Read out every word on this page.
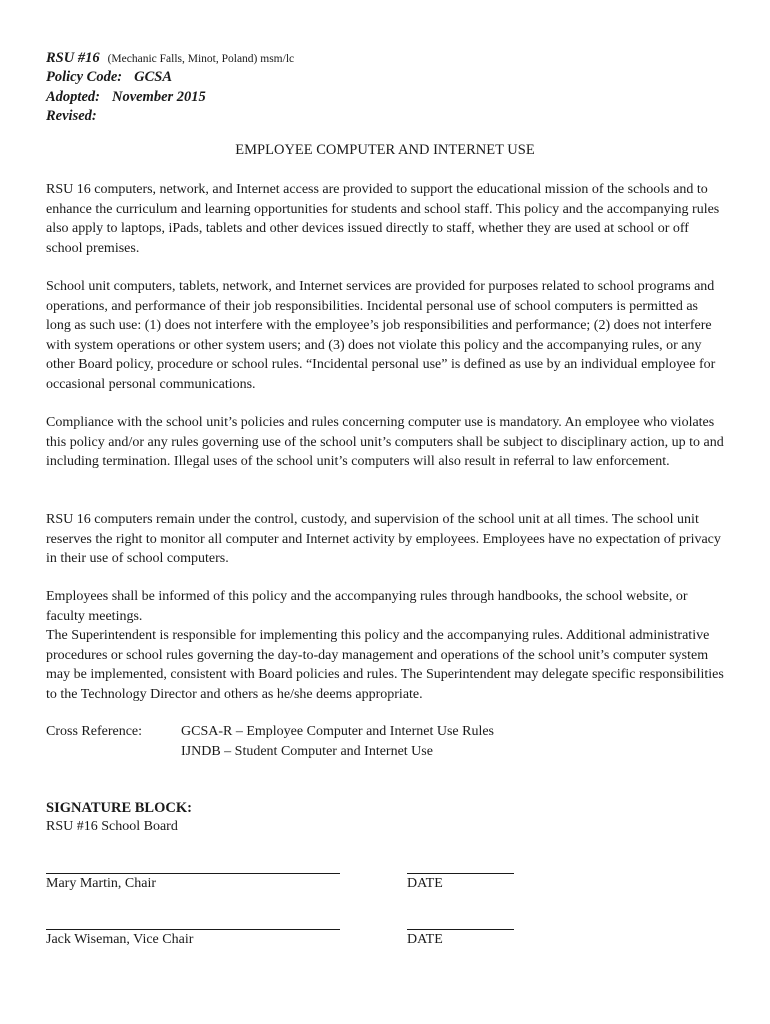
RSU #16 (Mechanic Falls, Minot, Poland) msm/lc
Policy Code: GCSA
Adopted: November 2015
Revised:
EMPLOYEE COMPUTER AND INTERNET USE

RSU 16 computers, network, and Internet access are provided to support the educational mission of the schools and to enhance the curriculum and learning opportunities for students and school staff. This policy and the accompanying rules also apply to laptops, iPads, tablets and other devices issued directly to staff, whether they are used at school or off school premises.

School unit computers, tablets, network, and Internet services are provided for purposes related to school programs and operations, and performance of their job responsibilities. Incidental personal use of school computers is permitted as long as such use: (1) does not interfere with the employee’s job responsibilities and performance; (2) does not interfere with system operations or other system users; and (3) does not violate this policy and the accompanying rules, or any other Board policy, procedure or school rules. “Incidental personal use” is defined as use by an individual employee for occasional personal communications.

Compliance with the school unit’s policies and rules concerning computer use is mandatory. An employee who violates this policy and/or any rules governing use of the school unit’s computers shall be subject to disciplinary action, up to and including termination. Illegal uses of the school unit’s computers will also result in referral to law enforcement.

RSU 16 computers remain under the control, custody, and supervision of the school unit at all times. The school unit reserves the right to monitor all computer and Internet activity by employees. Employees have no expectation of privacy in their use of school computers.

Employees shall be informed of this policy and the accompanying rules through handbooks, the school website, or faculty meetings.

The Superintendent is responsible for implementing this policy and the accompanying rules. Additional administrative procedures or school rules governing the day-to-day management and operations of the school unit’s computer system may be implemented, consistent with Board policies and rules. The Superintendent may delegate specific responsibilities to the Technology Director and others as he/she deems appropriate.

Cross Reference:	GCSA-R – Employee Computer and Internet Use Rules
IJNDB – Student Computer and Internet Use
SIGNATURE BLOCK:
RSU #16 School Board
Mary Martin, Chair	DATE
Jack Wiseman, Vice Chair	DATE
